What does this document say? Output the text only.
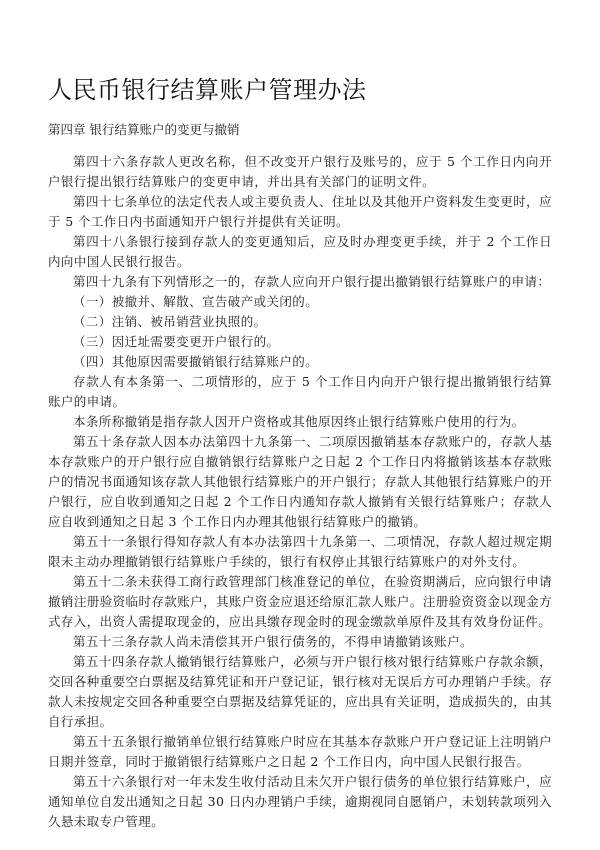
人民币银行结算账户管理办法
第四章 银行结算账户的变更与撤销

第四十六条存款人更改名称，但不改变开户银行及账号的，应于 5 个工作日内向开户银行提出银行结算账户的变更申请，并出具有关部门的证明文件。

第四十七条单位的法定代表人或主要负责人、住址以及其他开户资料发生变更时，应于 5 个工作日内书面通知开户银行并提供有关证明。

第四十八条银行接到存款人的变更通知后，应及时办理变更手续，并于 2 个工作日内向中国人民银行报告。

第四十九条有下列情形之一的，存款人应向开户银行提出撤销银行结算账户的申请：

（一）被撤并、解散、宣告破产或关闭的。

（二）注销、被吊销营业执照的。

（三）因迁址需要变更开户银行的。

（四）其他原因需要撤销银行结算账户的。

存款人有本条第一、二项情形的，应于 5 个工作日内向开户银行提出撤销银行结算账户的申请。

本条所称撤销是指存款人因开户资格或其他原因终止银行结算账户使用的行为。

第五十条存款人因本办法第四十九条第一、二项原因撤销基本存款账户的，存款人基本存款账户的开户银行应自撤销银行结算账户之日起 2 个工作日内将撤销该基本存款账户的情况书面通知该存款人其他银行结算账户的开户银行；存款人其他银行结算账户的开户银行，应自收到通知之日起 2 个工作日内通知存款人撤销有关银行结算账户；存款人应自收到通知之日起 3 个工作日内办理其他银行结算账户的撤销。

第五十一条银行得知存款人有本办法第四十九条第一、二项情况，存款人超过规定期限未主动办理撤销银行结算账户手续的，银行有权停止其银行结算账户的对外支付。

第五十二条未获得工商行政管理部门核准登记的单位，在验资期满后，应向银行申请撤销注册验资临时存款账户，其账户资金应退还给原汇款人账户。注册验资资金以现金方式存入，出资人需提取现金的，应出具缴存现金时的现金缴款单原件及其有效身份证件。

第五十三条存款人尚未清偿其开户银行债务的，不得申请撤销该账户。

第五十四条存款人撤销银行结算账户，必须与开户银行核对银行结算账户存款余额，交回各种重要空白票据及结算凭证和开户登记证，银行核对无误后方可办理销户手续。存款人未按规定交回各种重要空白票据及结算凭证的，应出具有关证明，造成损失的，由其自行承担。

第五十五条银行撤销单位银行结算账户时应在其基本存款账户开户登记证上注明销户日期并签章，同时于撤销银行结算账户之日起 2 个工作日内，向中国人民银行报告。

第五十六条银行对一年未发生收付活动且未欠开户银行债务的单位银行结算账户，应通知单位自发出通知之日起 30 日内办理销户手续，逾期视同自愿销户，未划转款项列入久悬未取专户管理。
